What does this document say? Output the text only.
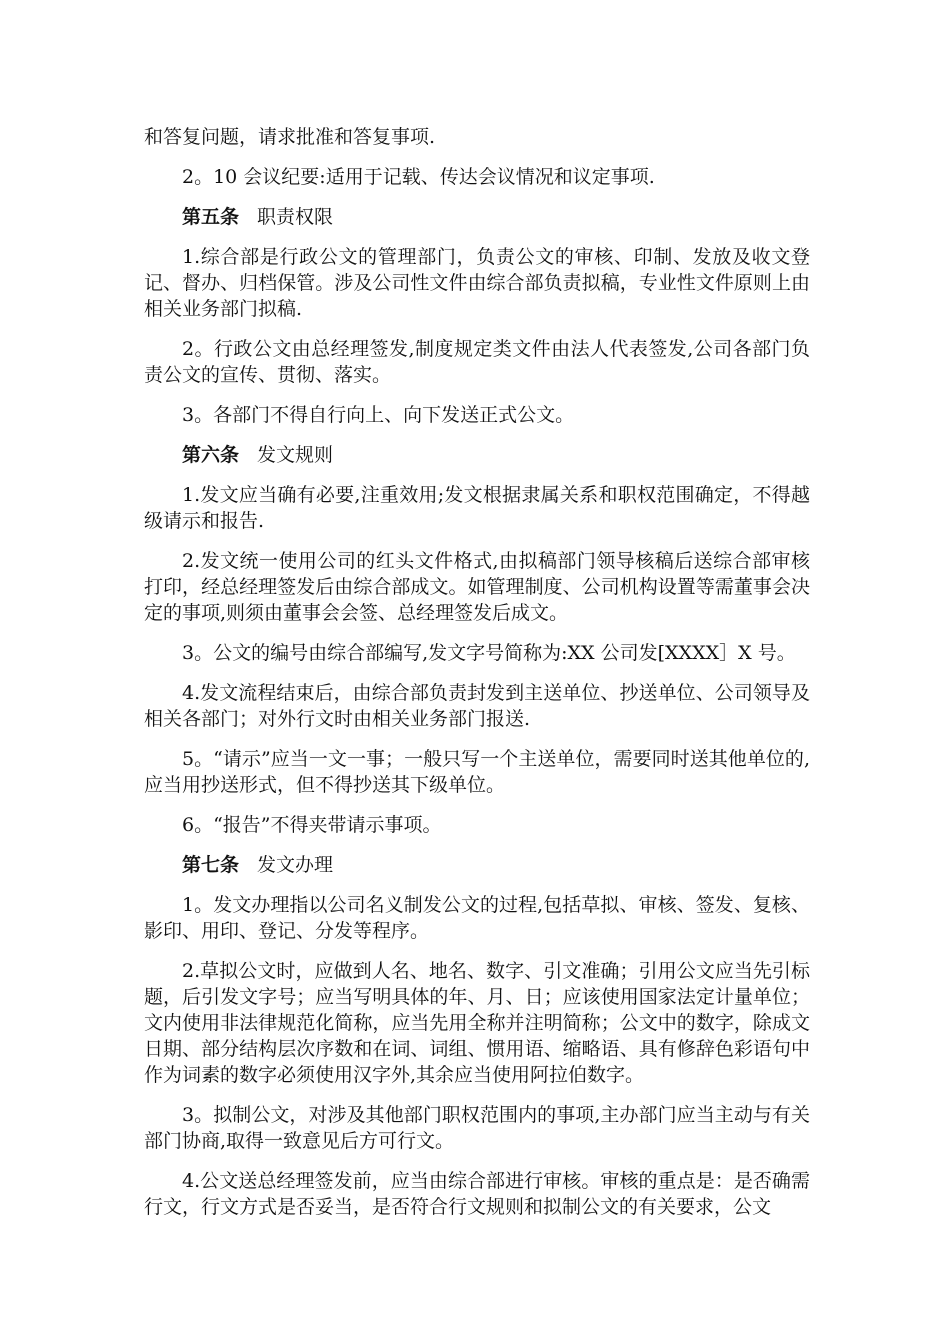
和答复问题，请求批准和答复事项.

2。10 会议纪要:适用于记载、传达会议情况和议定事项.

第五条 职责权限

1.综合部是行政公文的管理部门，负责公文的审核、印制、发放及收文登记、督办、归档保管。涉及公司性文件由综合部负责拟稿，专业性文件原则上由相关业务部门拟稿.

2。行政公文由总经理签发,制度规定类文件由法人代表签发,公司各部门负责公文的宣传、贯彻、落实。

3。各部门不得自行向上、向下发送正式公文。

第六条 发文规则

1.发文应当确有必要,注重效用;发文根据隶属关系和职权范围确定，不得越级请示和报告.

2.发文统一使用公司的红头文件格式,由拟稿部门领导核稿后送综合部审核打印，经总经理签发后由综合部成文。如管理制度、公司机构设置等需董事会决定的事项,则须由董事会会签、总经理签发后成文。

3。公文的编号由综合部编写,发文字号简称为:XX 公司发[XXXX］X 号。

4.发文流程结束后，由综合部负责封发到主送单位、抄送单位、公司领导及相关各部门；对外行文时由相关业务部门报送.

5。“请示”应当一文一事；一般只写一个主送单位，需要同时送其他单位的,应当用抄送形式，但不得抄送其下级单位。

6。“报告”不得夹带请示事项。

第七条 发文办理

1。发文办理指以公司名义制发公文的过程,包括草拟、审核、签发、复核、影印、用印、登记、分发等程序。

2.草拟公文时，应做到人名、地名、数字、引文准确；引用公文应当先引标题，后引发文字号；应当写明具体的年、月、日；应该使用国家法定计量单位；文内使用非法律规范化简称，应当先用全称并注明简称；公文中的数字，除成文日期、部分结构层次序数和在词、词组、惯用语、缩略语、具有修辞色彩语句中作为词素的数字必须使用汉字外,其余应当使用阿拉伯数字。

3。拟制公文，对涉及其他部门职权范围内的事项,主办部门应当主动与有关部门协商,取得一致意见后方可行文。

4.公文送总经理签发前，应当由综合部进行审核。审核的重点是：是否确需行文，行文方式是否妥当，是否符合行文规则和拟制公文的有关要求，公文
